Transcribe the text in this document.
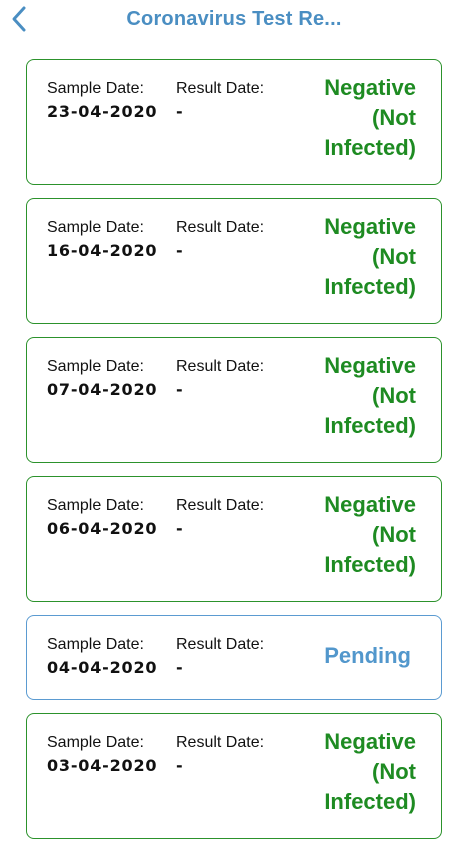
Coronavirus Test Re...
Sample Date: Result Date:
23-04-2020 -
Negative
(Not
Infected)
Sample Date: Result Date:
16-04-2020 -
Negative
(Not
Infected)
Sample Date: Result Date:
07-04-2020 -
Negative
(Not
Infected)
Sample Date: Result Date:
06-04-2020 -
Negative
(Not
Infected)
Sample Date: Result Date:
04-04-2020 -	Pending
Sample Date: Result Date:
03-04-2020 -
Negative
(Not
Infected)
